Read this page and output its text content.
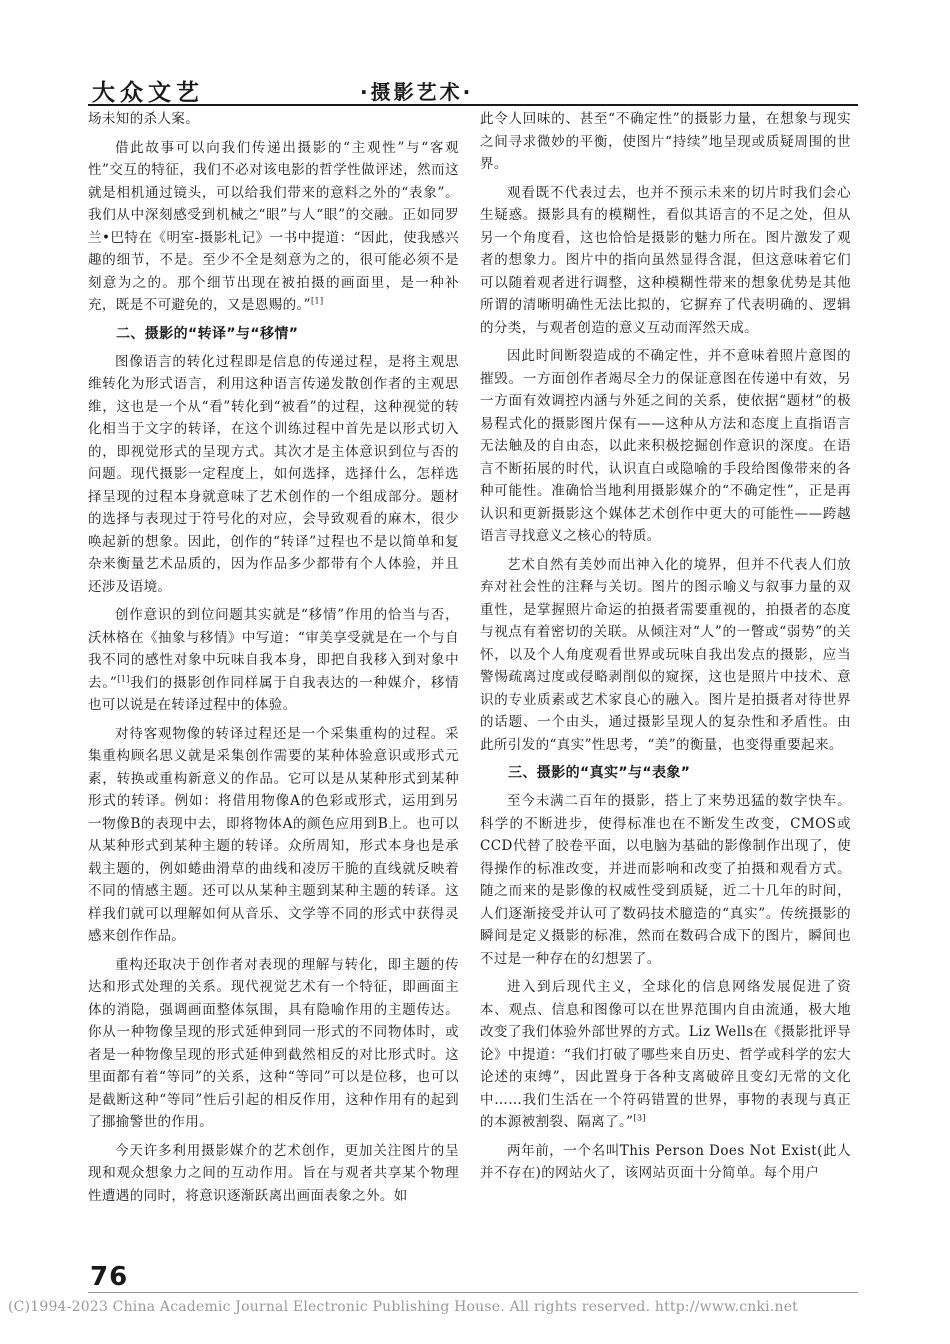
大众文艺	·摄影艺术·

场未知的杀人案。

借此故事可以向我们传递出摄影的“主观性”与“客观性”交互的特征，我们不必对该电影的哲学性做评述，然而这就是相机通过镜头，可以给我们带来的意料之外的“表象”。我们从中深刻感受到机械之“眼”与人“眼”的交融。正如同罗兰•巴特在《明室-摄影札记》一书中提道：“因此，使我感兴趣的细节，不是。至少不全是刻意为之的，很可能必须不是刻意为之的。那个细节出现在被拍摄的画面里，是一种补充，既是不可避免的，又是恩赐的。”[1]

二、摄影的“转译”与“移情”

图像语言的转化过程即是信息的传递过程，是将主观思维转化为形式语言，利用这种语言传递发散创作者的主观思维，这也是一个从“看”转化到“被看”的过程，这种视觉的转化相当于文字的转译，在这个训练过程中首先是以形式切入的，即视觉形式的呈现方式。其次才是主体意识到位与否的问题。现代摄影一定程度上，如何选择，选择什么，怎样选择呈现的过程本身就意味了艺术创作的一个组成部分。题材的选择与表现过于符号化的对应，会导致观看的麻木，很少唤起新的想象。因此，创作的“转译”过程也不是以简单和复杂来衡量艺术品质的，因为作品多少都带有个人体验，并且还涉及语境。

创作意识的到位问题其实就是“移情”作用的恰当与否，沃林格在《抽象与移情》中写道：“审美享受就是在一个与自我不同的感性对象中玩味自我本身，即把自我移入到对象中去。”[1]我们的摄影创作同样属于自我表达的一种媒介，移情也可以说是在转译过程中的体验。

对待客观物像的转译过程还是一个采集重构的过程。采集重构顾名思义就是采集创作需要的某种体验意识或形式元素，转换或重构新意义的作品。它可以是从某种形式到某种形式的转译。例如：将借用物像A的色彩或形式，运用到另一物像B的表现中去，即将物体A的颜色应用到B上。也可以从某种形式到某种主题的转译。众所周知，形式本身也是承载主题的，例如蜷曲滑草的曲线和凌厉干脆的直线就反映着不同的情感主题。还可以从某种主题到某种主题的转译。这样我们就可以理解如何从音乐、文学等不同的形式中获得灵感来创作作品。

重构还取决于创作者对表现的理解与转化，即主题的传达和形式处理的关系。现代视觉艺术有一个特征，即画面主体的消隐，强调画面整体氛围，具有隐喻作用的主题传达。你从一种物像呈现的形式延伸到同一形式的不同物体时，或者是一种物像呈现的形式延伸到截然相反的对比形式时。这里面都有着“等同”的关系，这种“等同”可以是位移，也可以是截断这种“等同”性后引起的相反作用，这种作用有的起到了挪揄警世的作用。

今天许多利用摄影媒介的艺术创作，更加关注图片的呈现和观众想象力之间的互动作用。旨在与观者共享某个物理性遭遇的同时，将意识逐渐跃离出画面表象之外。如

此令人回味的、甚至“不确定性”的摄影力量，在想象与现实之间寻求微妙的平衡，使图片“持续”地呈现或质疑周围的世界。

观看既不代表过去，也并不预示未来的切片时我们会心生疑惑。摄影具有的模糊性，看似其语言的不足之处，但从另一个角度看，这也恰恰是摄影的魅力所在。图片激发了观者的想象力。图片中的指向虽然显得含混，但这意味着它们可以随着观者进行调整，这种模糊性带来的想象优势是其他所谓的清晰明确性无法比拟的，它摒弃了代表明确的、逻辑的分类，与观者创造的意义互动而浑然天成。

因此时间断裂造成的不确定性，并不意味着照片意图的摧毁。一方面创作者竭尽全力的保证意图在传递中有效，另一方面有效调控内涵与外延之间的关系，使依据“题材”的极易程式化的摄影图片保有——这种从方法和态度上直指语言无法触及的自由态，以此来积极挖掘创作意识的深度。在语言不断拓展的时代，认识直白或隐喻的手段给图像带来的各种可能性。准确恰当地利用摄影媒介的“不确定性”，正是再认识和更新摄影这个媒体艺术创作中更大的可能性——跨越语言寻找意义之核心的特质。

艺术自然有美妙而出神入化的境界，但并不代表人们放弃对社会性的注释与关切。图片的图示喻义与叙事力量的双重性，是掌握照片命运的拍摄者需要重视的，拍摄者的态度与视点有着密切的关联。从倾注对“人”的一瞥或“弱势”的关怀，以及个人角度观看世界或玩味自我出发点的摄影，应当警惕疏离过度或侵略剥削似的窥探，这也是照片中技术、意识的专业质素或艺术家良心的融入。图片是拍摄者对待世界的话题、一个由头，通过摄影呈现人的复杂性和矛盾性。由此所引发的“真实”性思考，“美”的衡量，也变得重要起来。

三、摄影的“真实”与“表象”

至今未满二百年的摄影，搭上了来势迅猛的数字快车。科学的不断进步，使得标准也在不断发生改变，CMOS或CCD代替了胶卷平面，以电脑为基础的影像制作出现了，使得操作的标准改变，并进而影响和改变了拍摄和观看方式。随之而来的是影像的权威性受到质疑，近二十几年的时间，人们逐渐接受并认可了数码技术臆造的“真实”。传统摄影的瞬间是定义摄影的标准，然而在数码合成下的图片，瞬间也不过是一种存在的幻想罢了。

进入到后现代主义，全球化的信息网络发展促进了资本、观点、信息和图像可以在世界范围内自由流通，极大地改变了我们体验外部世界的方式。Liz Wells在《摄影批评导论》中提道：“我们打破了哪些来自历史、哲学或科学的宏大论述的束缚”，因此置身于各种支离破碎且变幻无常的文化中……我们生活在一个符码错置的世界，事物的表现与真正的本源被割裂、隔离了。”[3]

两年前，一个名叫This Person Does Not Exist(此人并不存在)的网站火了，该网站页面十分简单。每个用户

76
(C)1994-2023 China Academic Journal Electronic Publishing House. All rights reserved. http://www.cnki.net
